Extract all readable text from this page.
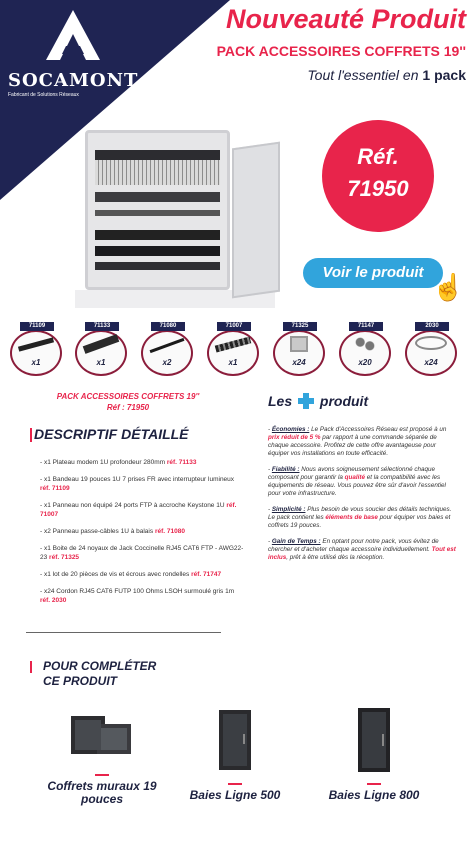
SOCAMONT
Fabricant de Solutions Réseaux
Nouveauté Produit
PACK ACCESSOIRES COFFRETS 19''
Tout l'essentiel en 1 pack
Réf.
71950
Voir le produit ☝
71109
x1
71133
x1
71080
x2
71007
x1
71325
x24
71147
x20
2030
x24
PACK ACCESSOIRES COFFRETS 19''
Réf : 71950
DESCRIPTIF DÉTAILLÉ
- x1 Plateau modem 1U profondeur 280mm réf. 71133
- x1 Bandeau 19 pouces 1U 7 prises FR avec interrupteur lumineux réf. 71109
- x1 Panneau non équipé 24 ports FTP à accroche Keystone 1U réf. 71007
- x2 Panneau passe-câbles 1U à balais réf. 71080
- x1 Boite de 24 noyaux de Jack Coccinelle RJ45 CAT6 FTP - AWG22-23 réf. 71325
- x1 lot de 20 pièces de vis et écrous avec rondelles réf. 71747
- x24 Cordon RJ45 CAT6 FUTP 100 Ohms LSOH surmoulé gris 1m réf. 2030
Les produit
- Économies : Le Pack d'Accessoires Réseau est proposé à un prix réduit de 5 % par rapport à une commande séparée de chaque accessoire. Profitez de cette offre avantageuse pour équiper vos installations en toute efficacité.
- Fiabilité : Nous avons soigneusement sélectionné chaque composant pour garantir la qualité et la compatibilité avec les équipements de réseau. Vous pouvez être sûr d'avoir l'essentiel pour votre infrastructure.
- Simplicité : Plus besoin de vous soucier des détails techniques. Le pack contient les éléments de base pour équiper vos baies et coffrets 19 pouces.
- Gain de Temps : En optant pour notre pack, vous évitez de chercher et d'acheter chaque accessoire individuellement. Tout est inclus, prêt à être utilisé dès la réception.
POUR COMPLÉTER
CE PRODUIT
Coffrets muraux 19 pouces	Baies Ligne 500	Baies Ligne 800
